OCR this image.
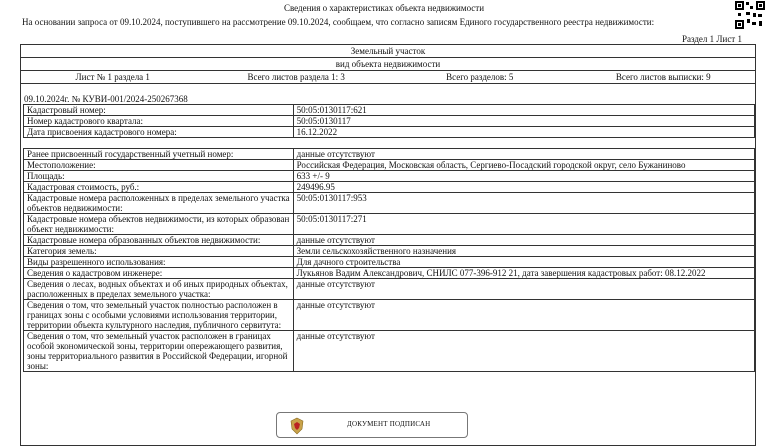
Сведения о характеристиках объекта недвижимости
На основании запроса от 09.10.2024, поступившего на рассмотрение 09.10.2024, сообщаем, что согласно записям Единого государственного реестра недвижимости:
Раздел 1 Лист 1
Земельный участок
вид объекта недвижимости
Лист № 1 раздела 1	Всего листов раздела 1: 3	Всего разделов: 5	Всего листов выписки: 9
09.10.2024г. № КУВИ-001/2024-250267368
Кадастровый номер:	50:05:0130117:621
Номер кадастрового квартала:	50:05:0130117
Дата присвоения кадастрового номера:	16.12.2022
Ранее присвоенный государственный учетный номер:	данные отсутствуют
Местоположение:	Российская Федерация, Московская область, Сергиево-Посадский городской округ, село Бужаниново
Площадь:	633 +/- 9
Кадастровая стоимость, руб.:	249496.95
Кадастровые номера расположенных в пределах земельного участка объектов недвижимости:	50:05:0130117:953
Кадастровые номера объектов недвижимости, из которых образован объект недвижимости:	50:05:0130117:271
Кадастровые номера образованных объектов недвижимости:	данные отсутствуют
Категория земель:	Земли сельскохозяйственного назначения
Виды разрешенного использования:	Для дачного строительства
Сведения о кадастровом инженере:	Лукьянов Вадим Александрович, СНИЛС 077-396-912 21, дата завершения кадастровых работ: 08.12.2022
Сведения о лесах, водных объектах и об иных природных объектах, расположенных в пределах земельного участка:	данные отсутствуют
Сведения о том, что земельный участок полностью расположен в границах зоны с особыми условиями использования территории, территории объекта культурного наследия, публичного сервитута:	данные отсутствуют
Сведения о том, что земельный участок расположен в границах особой экономической зоны, территории опережающего развития, зоны территориального развития в Российской Федерации, игорной зоны:	данные отсутствуют
ДОКУМЕНТ ПОДПИСАН
